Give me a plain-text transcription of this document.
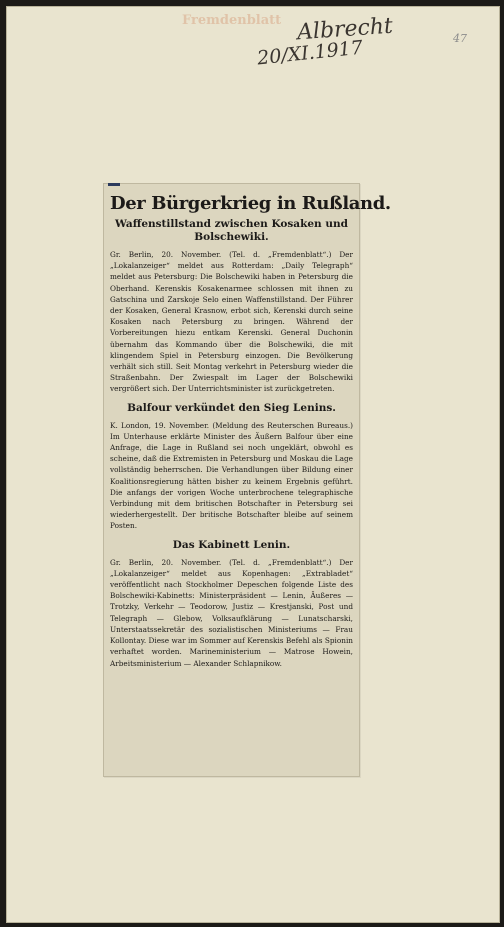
Fremdenblatt Albrecht
20/XI.1917	47
Der Bürgerkrieg in Rußland.
Waffenstillstand zwischen Kosaken und Bolschewiki.
Gr. Berlin, 20. November. (Tel. d. „Fremdenblatt“.) Der „Lokalanzeiger“ meldet aus Rotterdam: „Daily Telegraph“ meldet aus Petersburg: Die Bolschewiki haben in Petersburg die Oberhand. Kerenskis Kosakenarmee schlossen mit ihnen zu Gatschina und Zarskoje Selo einen Waffenstillstand. Der Führer der Kosaken, General Krasnow, erbot sich, Kerenski durch seine Kosaken nach Petersburg zu bringen. Während der Vorbereitungen hiezu entkam Kerenski. General Duchonin übernahm das Kommando über die Bolschewiki, die mit klingendem Spiel in Petersburg einzogen. Die Bevölkerung verhält sich still. Seit Montag verkehrt in Petersburg wieder die Straßenbahn. Der Zwiespalt im Lager der Bolschewiki vergrößert sich. Der Unterrichtsminister ist zurückgetreten.
Balfour verkündet den Sieg Lenins.
K. London, 19. November. (Meldung des Reuterschen Bureaus.) Im Unterhause erklärte Minister des Äußern Balfour über eine Anfrage, die Lage in Rußland sei noch ungeklärt, obwohl es scheine, daß die Extremisten in Petersburg und Moskau die Lage vollständig beherrschen. Die Verhandlungen über Bildung einer Koalitionsregierung hätten bisher zu keinem Ergebnis geführt. Die anfangs der vorigen Woche unterbrochene telegraphische Verbindung mit dem britischen Botschafter in Petersburg sei wiederhergestellt. Der britische Botschafter bleibe auf seinem Posten.
Das Kabinett Lenin.
Gr. Berlin, 20. November. (Tel. d. „Fremdenblatt“.) Der „Lokalanzeiger“ meldet aus Kopenhagen: „Extrabladet“ veröffentlicht nach Stockholmer Depeschen folgende Liste des Bolschewiki-Kabinetts: Ministerpräsident — Lenin, Äußeres — Trotzky, Verkehr — Teodorow, Justiz — Krestjanski, Post und Telegraph — Glebow, Volksaufklärung — Lunatscharski, Unterstaatssekretär des sozialistischen Ministeriums — Frau Kollontay. Diese war im Sommer auf Kerenskis Befehl als Spionin verhaftet worden. Marineministerium — Matrose Howein, Arbeitsministerium — Alexander Schlapnikow.
